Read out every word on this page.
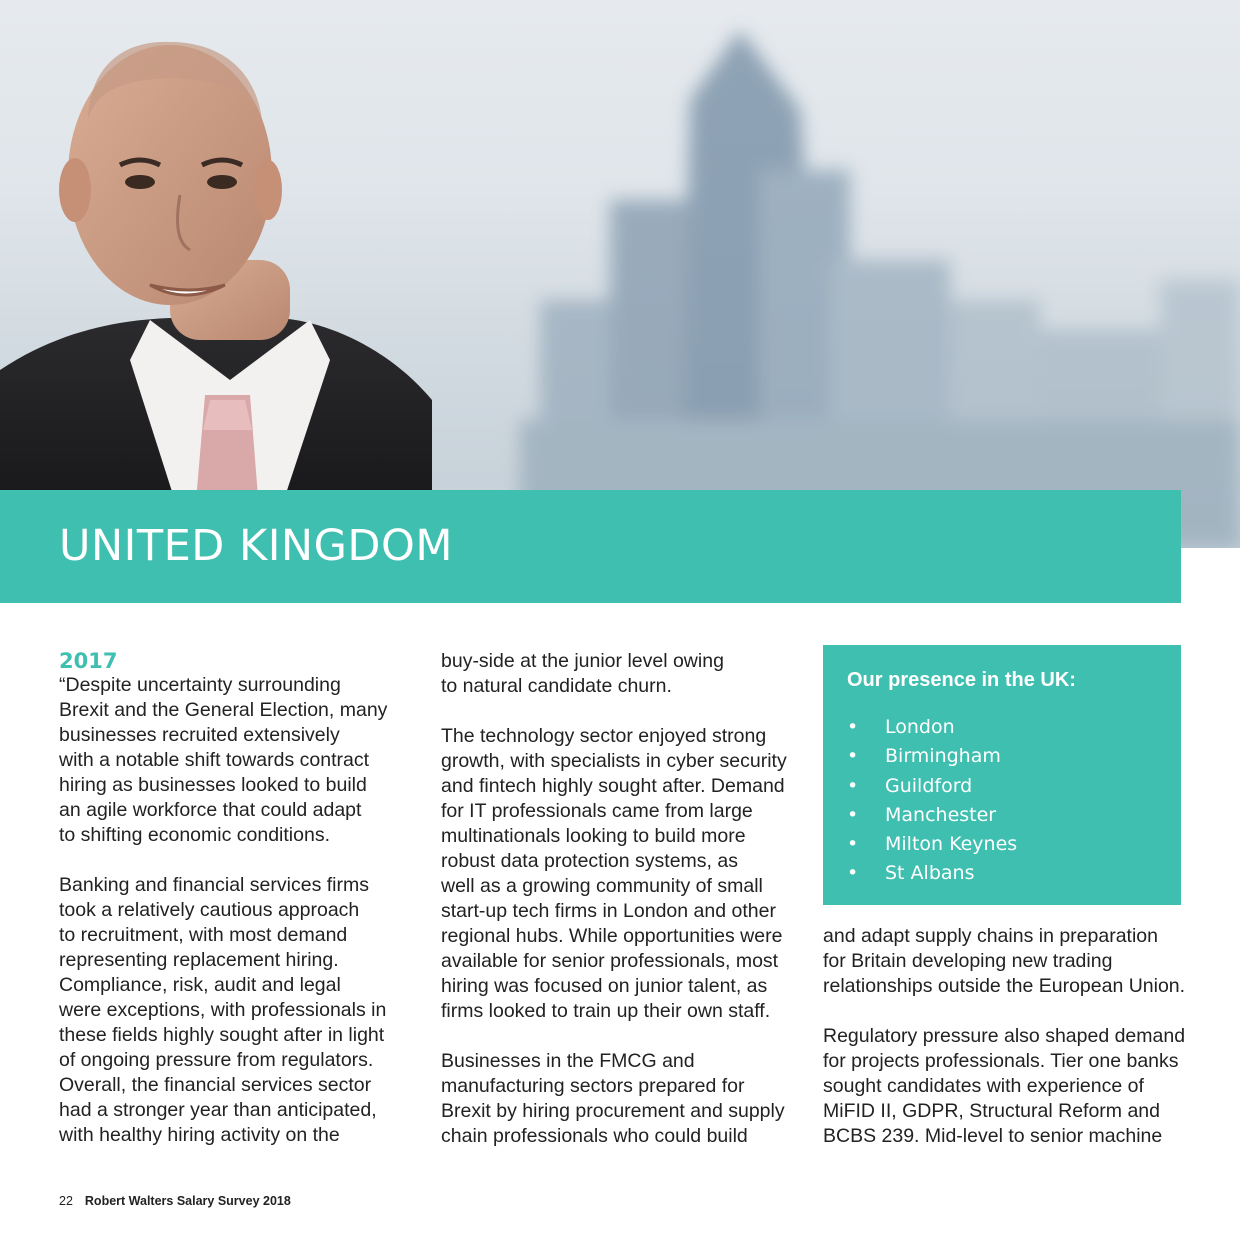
UNITED KINGDOM
2017

“Despite uncertainty surrounding
Brexit and the General Election, many
businesses recruited extensively
with a notable shift towards contract
hiring as businesses looked to build
an agile workforce that could adapt
to shifting economic conditions.

Banking and financial services firms
took a relatively cautious approach
to recruitment, with most demand
representing replacement hiring.
Compliance, risk, audit and legal
were exceptions, with professionals in
these fields highly sought after in light
of ongoing pressure from regulators.
Overall, the financial services sector
had a stronger year than anticipated,
with healthy hiring activity on the

buy-side at the junior level owing
to natural candidate churn.

The technology sector enjoyed strong
growth, with specialists in cyber security
and fintech highly sought after. Demand
for IT professionals came from large
multinationals looking to build more
robust data protection systems, as
well as a growing community of small
start-up tech firms in London and other
regional hubs. While opportunities were
available for senior professionals, most
hiring was focused on junior talent, as
firms looked to train up their own staff.

Businesses in the FMCG and
manufacturing sectors prepared for
Brexit by hiring procurement and supply
chain professionals who could build

Our presence in the UK:
•	London
•	Birmingham
•	Guildford
•	Manchester
•	Milton Keynes
•	St Albans

and adapt supply chains in preparation
for Britain developing new trading
relationships outside the European Union.

Regulatory pressure also shaped demand
for projects professionals. Tier one banks
sought candidates with experience of
MiFID II, GDPR, Structural Reform and
BCBS 239. Mid-level to senior machine

22 Robert Walters Salary Survey 2018
